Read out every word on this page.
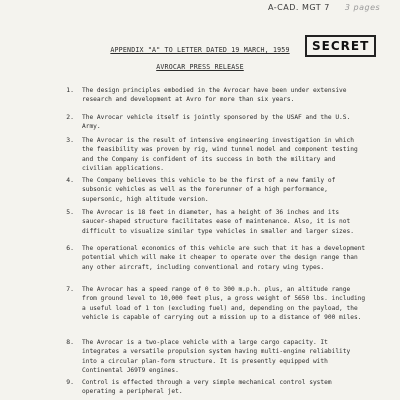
A-CAD. MGT 7 3 pages
SECRET
APPENDIX "A" TO LETTER DATED 19 MARCH, 1959
AVROCAR PRESS RELEASE
1. The design principles embodied in the Avrocar have been under extensive research and development at Avro for more than six years.
2. The Avrocar vehicle itself is jointly sponsored by the USAF and the U.S. Army.
3. The Avrocar is the result of intensive engineering investigation in which the feasibility was proven by rig, wind tunnel model and component testing and the Company is confident of its success in both the military and civilian applications.
4. The Company believes this vehicle to be the first of a new family of subsonic vehicles as well as the forerunner of a high performance, supersonic, high altitude version.
5. The Avrocar is 18 feet in diameter, has a height of 36 inches and its saucer-shaped structure facilitates ease of maintenance. Also, it is not difficult to visualize similar type vehicles in smaller and larger sizes.
6. The operational economics of this vehicle are such that it has a development potential which will make it cheaper to operate over the design range than any other aircraft, including conventional and rotary wing types.
7. The Avrocar has a speed range of 0 to 300 m.p.h. plus, an altitude range from ground level to 10,000 feet plus, a gross weight of 5650 lbs. including a useful load of 1 ton (excluding fuel) and, depending on the payload, the vehicle is capable of carrying out a mission up to a distance of 900 miles.
8. The Avrocar is a two-place vehicle with a large cargo capacity. It integrates a versatile propulsion system having multi-engine reliability into a circular plan-form structure. It is presently equipped with Continental J69T9 engines.
9. Control is effected through a very simple mechanical control system operating a peripheral jet.
